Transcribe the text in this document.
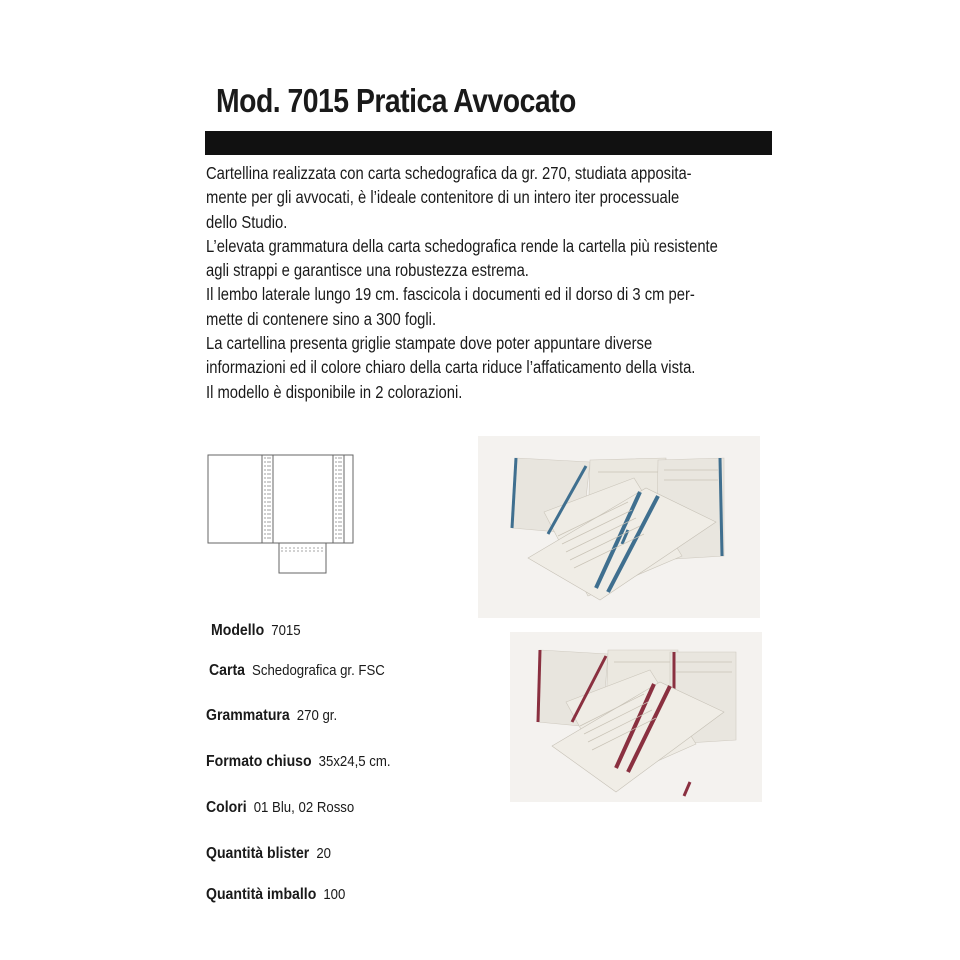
Mod. 7015 Pratica Avvocato
Cartellina realizzata con carta schedografica da gr. 270, studiata apposita-
mente per gli avvocati, è l’ideale contenitore di un intero iter processuale
dello Studio.
L’elevata grammatura della carta schedografica rende la cartella più resistente
agli strappi e garantisce una robustezza estrema.
Il lembo laterale lungo 19 cm. fascicola i documenti ed il dorso di 3 cm per-
mette di contenere sino a 300 fogli.
La cartellina presenta griglie stampate dove poter appuntare diverse
informazioni ed il colore chiaro della carta riduce l’affaticamento della vista.
Il modello è disponibile in 2 colorazioni.
Modello 7015
Carta Schedografica gr. FSC
Grammatura 270 gr.
Formato chiuso 35x24,5 cm.
Colori 01 Blu, 02 Rosso
Quantità blister 20
Quantità imballo 100
